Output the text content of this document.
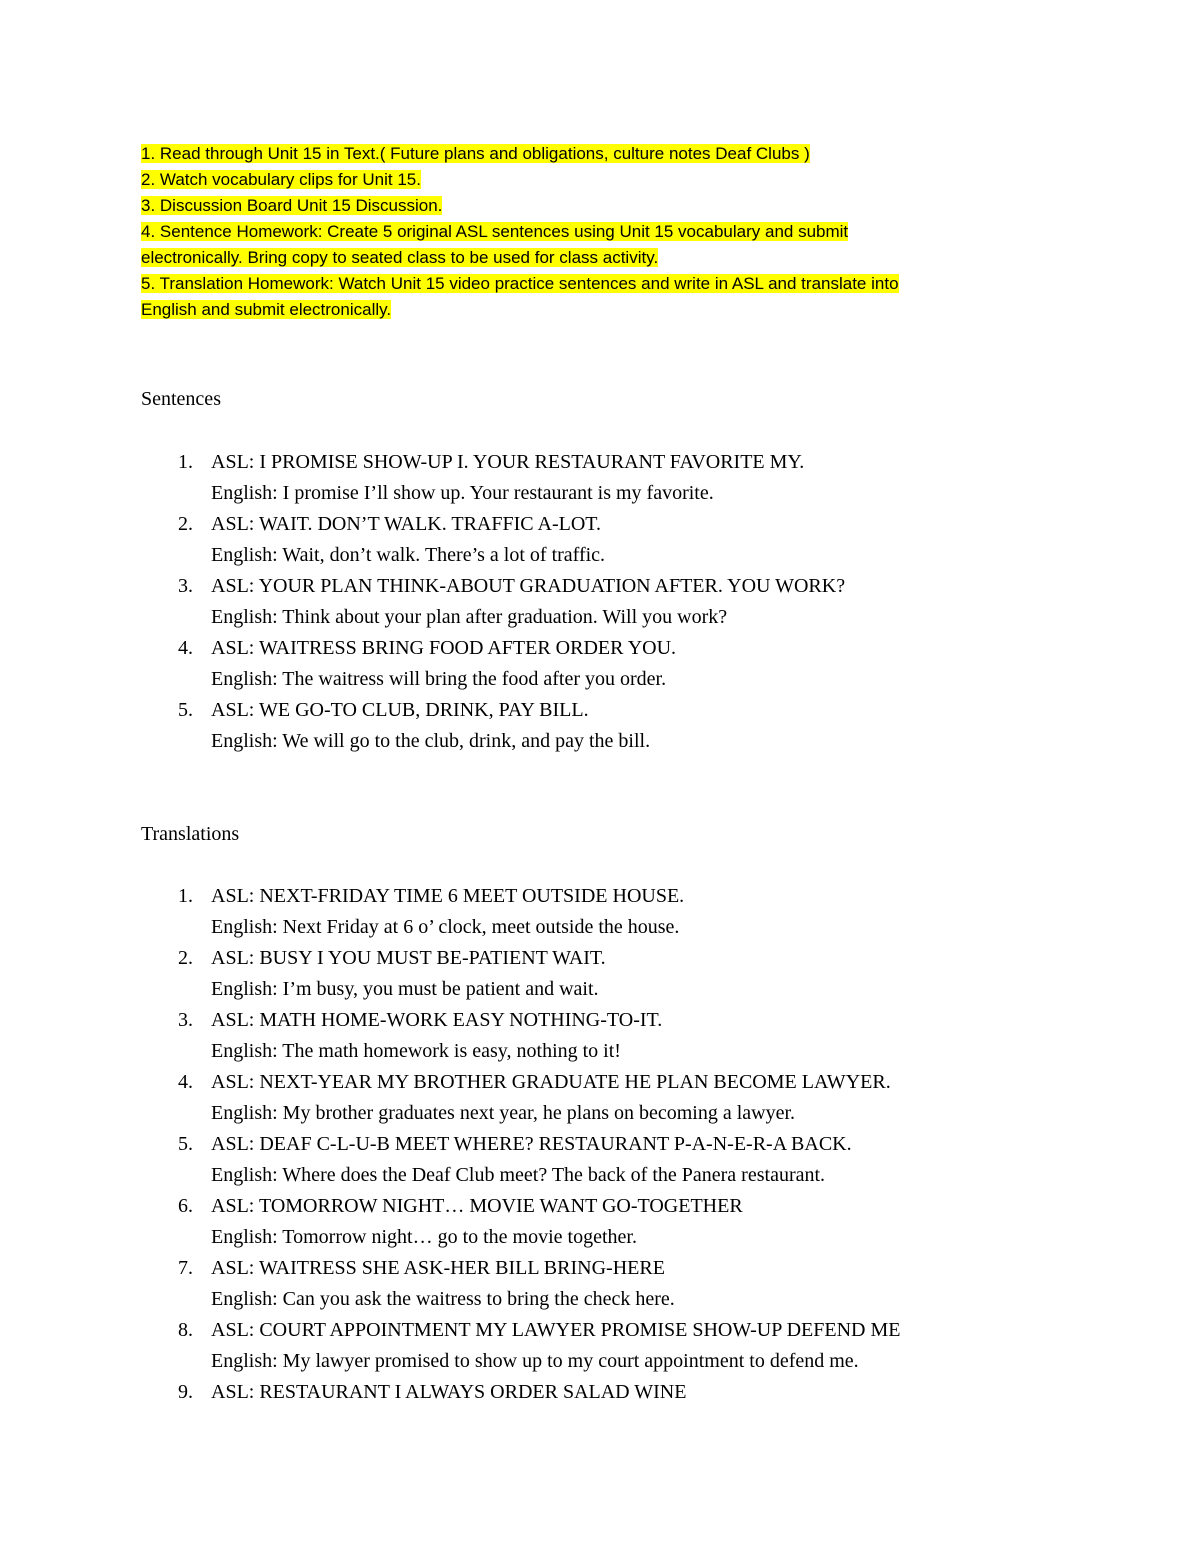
1. Read through Unit 15 in Text.( Future plans and obligations, culture notes Deaf Clubs )
2. Watch vocabulary clips for Unit 15.
3. Discussion Board Unit 15 Discussion.
4. Sentence Homework: Create 5 original ASL sentences using Unit 15 vocabulary and submit
electronically. Bring copy to seated class to be used for class activity.
5. Translation Homework: Watch Unit 15 video practice sentences and write in ASL and translate into
English and submit electronically.
Sentences
1. ASL: I PROMISE SHOW-UP I. YOUR RESTAURANT FAVORITE MY.
English: I promise I’ll show up. Your restaurant is my favorite.
2. ASL: WAIT. DON’T WALK. TRAFFIC A-LOT.
English: Wait, don’t walk. There’s a lot of traffic.
3. ASL: YOUR PLAN THINK-ABOUT GRADUATION AFTER. YOU WORK?
English: Think about your plan after graduation. Will you work?
4. ASL: WAITRESS BRING FOOD AFTER ORDER YOU.
English: The waitress will bring the food after you order.
5. ASL: WE GO-TO CLUB, DRINK, PAY BILL.
English: We will go to the club, drink, and pay the bill.
Translations
1. ASL: NEXT-FRIDAY TIME 6 MEET OUTSIDE HOUSE.
English: Next Friday at 6 o’ clock, meet outside the house.
2. ASL: BUSY I YOU MUST BE-PATIENT WAIT.
English: I’m busy, you must be patient and wait.
3. ASL: MATH HOME-WORK EASY NOTHING-TO-IT.
English: The math homework is easy, nothing to it!
4. ASL: NEXT-YEAR MY BROTHER GRADUATE HE PLAN BECOME LAWYER.
English: My brother graduates next year, he plans on becoming a lawyer.
5. ASL: DEAF C-L-U-B MEET WHERE? RESTAURANT P-A-N-E-R-A BACK.
English: Where does the Deaf Club meet? The back of the Panera restaurant.
6. ASL: TOMORROW NIGHT… MOVIE WANT GO-TOGETHER
English: Tomorrow night… go to the movie together.
7. ASL: WAITRESS SHE ASK-HER BILL BRING-HERE
English: Can you ask the waitress to bring the check here.
8. ASL: COURT APPOINTMENT MY LAWYER PROMISE SHOW-UP DEFEND ME
English: My lawyer promised to show up to my court appointment to defend me.
9. ASL: RESTAURANT I ALWAYS ORDER SALAD WINE
